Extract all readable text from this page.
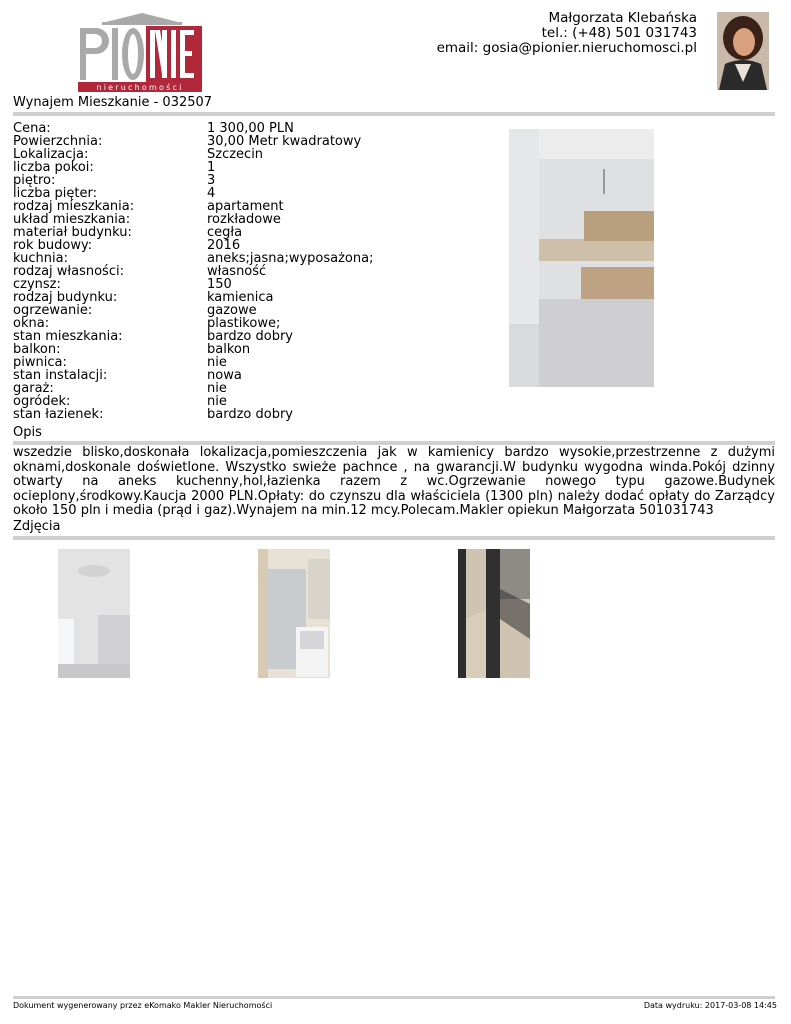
nieruchomości
Małgorzata Klebańska
tel.: (+48) 501 031743
email: gosia@pionier.nieruchomosci.pl
Wynajem Mieszkanie - 032507
Cena:	1 300,00 PLN
Powierzchnia:	30,00 Metr kwadratowy
Lokalizacja:	Szczecin
liczba pokoi:	1
piętro:	3
liczba pięter:	4
rodzaj mieszkania:	apartament
układ mieszkania:	rozkładowe
materiał budynku:	cegła
rok budowy:	2016
kuchnia:	aneks;jasna;wyposażona;
rodzaj własności:	własność
czynsz:	150
rodzaj budynku:	kamienica
ogrzewanie:	gazowe
okna:	plastikowe;
stan mieszkania:	bardzo dobry
balkon:	balkon
piwnica:	nie
stan instalacji:	nowa
garaż:	nie
ogródek:	nie
stan łazienek:	bardzo dobry
Opis
wszedzie blisko,doskonała lokalizacja,pomieszczenia jak w kamienicy bardzo wysokie,przestrzenne z dużymi oknami,doskonale doświetlone. Wszystko swieże pachnce , na gwarancji.W budynku wygodna winda.Pokój dzinny otwarty na aneks kuchenny,hol,łazienka razem z wc.Ogrzewanie nowego typu gazowe.Budynek ocieplony,środkowy.Kaucja 2000 PLN.Opłaty: do czynszu dla właściciela (1300 pln) należy dodać opłaty do Zarządcy około 150 pln i media (prąd i gaz).Wynajem na min.12 mcy.Polecam.Makler opiekun Małgorzata 501031743
Zdjęcia
Dokument wygenerowany przez eKomako Makler Nieruchomości	Data wydruku: 2017-03-08 14:45
